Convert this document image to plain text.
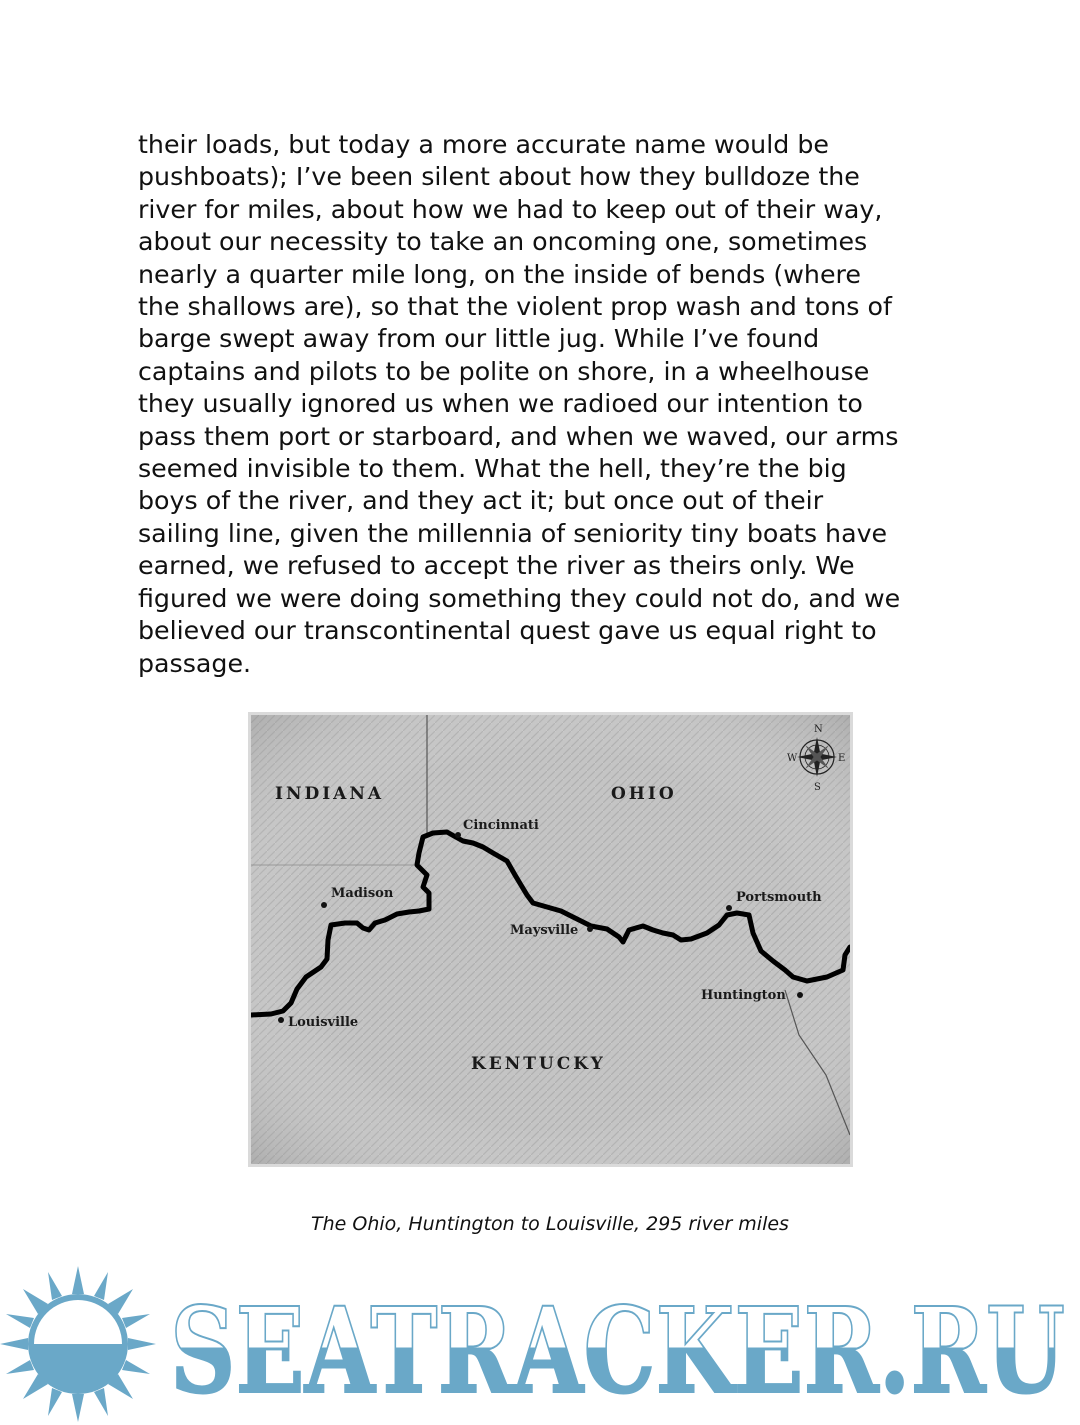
their loads, but today a more accurate name would be
pushboats); I’ve been silent about how they bulldoze the
river for miles, about how we had to keep out of their way,
about our necessity to take an oncoming one, sometimes
nearly a quarter mile long, on the inside of bends (where
the shallows are), so that the violent prop wash and tons of
barge swept away from our little jug. While I’ve found
captains and pilots to be polite on shore, in a wheelhouse
they usually ignored us when we radioed our intention to
pass them port or starboard, and when we waved, our arms
seemed invisible to them. What the hell, they’re the big
boys of the river, and they act it; but once out of their
sailing line, given the millennia of seniority tiny boats have
earned, we refused to accept the river as theirs only. We
figured we were doing something they could not do, and we
believed our transcontinental quest gave us equal right to
passage.
N
S
E
W
INDIANA	OHIO
KENTUCKY
Cincinnati
Madison
Maysville
Portsmouth
Huntington
Louisville
The Ohio, Huntington to Louisville, 295 river miles
SEATRACKER.RU
